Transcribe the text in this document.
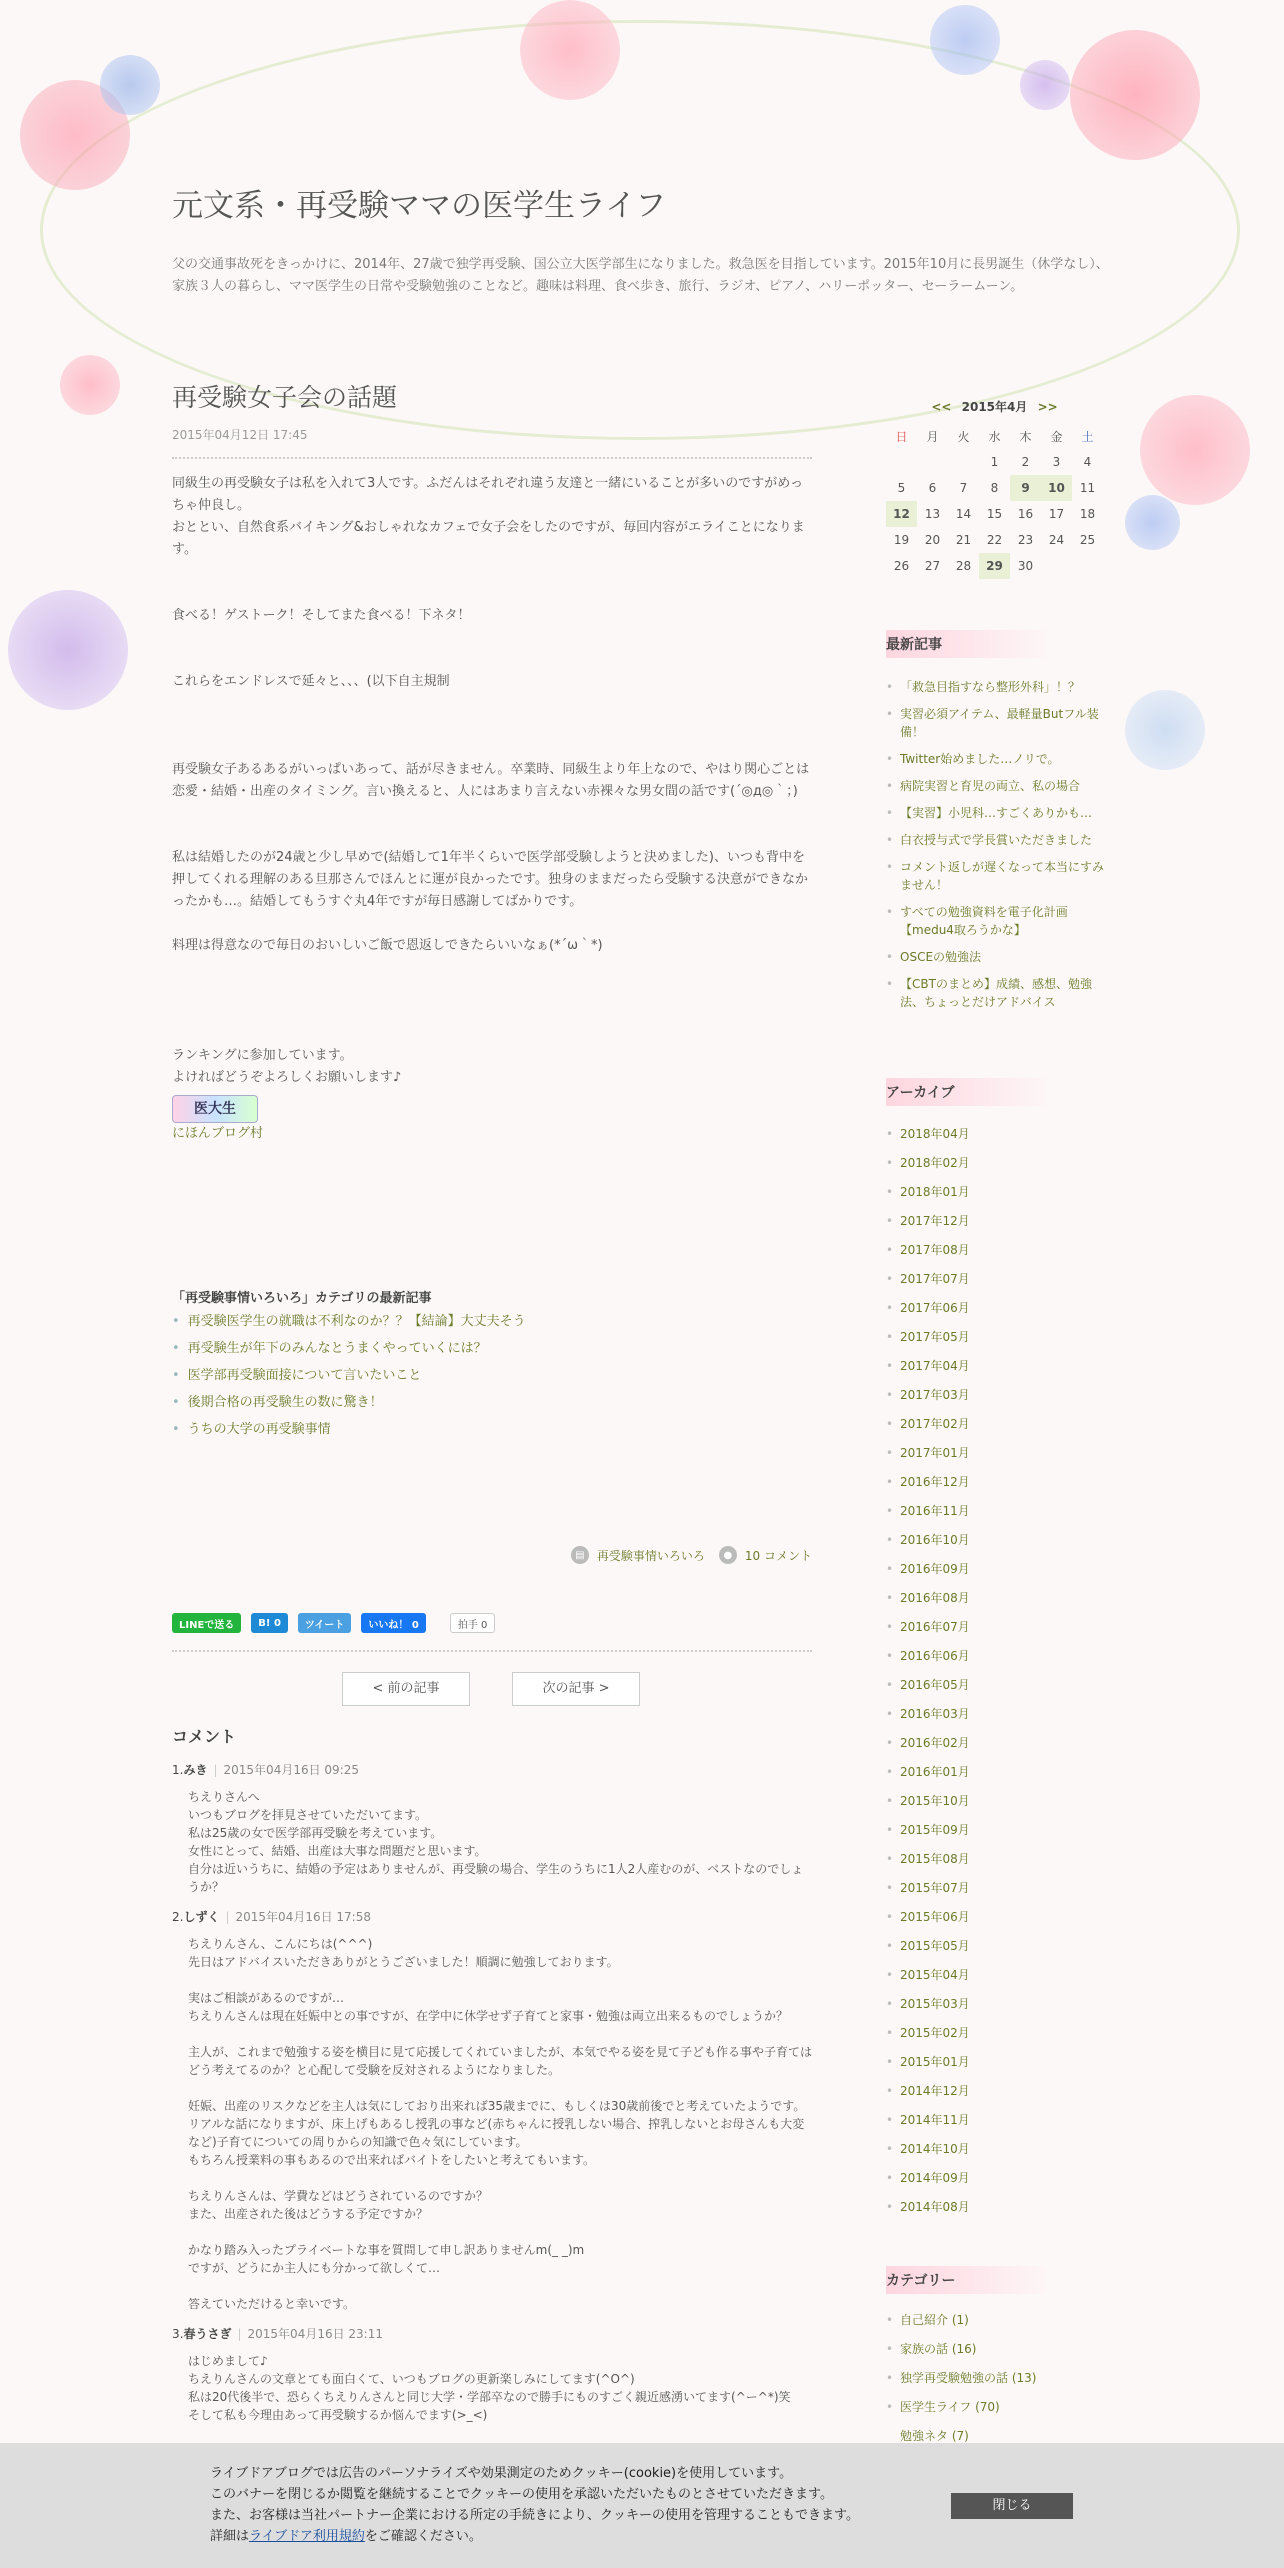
元文系・再受験ママの医学生ライフ

父の交通事故死をきっかけに、2014年、27歳で独学再受験、国公立大医学部生になりました。救急医を目指しています。2015年10月に長男誕生（休学なし）、家族３人の暮らし、ママ医学生の日常や受験勉強のことなど。趣味は料理、食べ歩き、旅行、ラジオ、ピアノ、ハリーポッター、セーラームーン。

再受験女子会の話題
2015年04月12日 17:45

同級生の再受験女子は私を入れて3人です。ふだんはそれぞれ違う友達と一緒にいることが多いのですがめっちゃ仲良し。

おととい、自然食系バイキング&おしゃれなカフェで女子会をしたのですが、毎回内容がエライことになります。

食べる！ゲストーク！そしてまた食べる！下ネタ！

これらをエンドレスで延々と、、、(以下自主規制

再受験女子あるあるがいっぱいあって、話が尽きません。卒業時、同級生より年上なので、やはり関心ごとは恋愛・結婚・出産のタイミング。言い換えると、人にはあまり言えない赤裸々な男女間の話です(´◎д◎｀；)

私は結婚したのが24歳と少し早めで(結婚して1年半くらいで医学部受験しようと決めました)、いつも背中を押してくれる理解のある旦那さんでほんとに運が良かったです。独身のままだったら受験する決意ができなかったかも…。結婚してもうすぐ丸4年ですが毎日感謝してばかりです。

料理は得意なので毎日のおいしいご飯で恩返しできたらいいなぁ(*´ω｀*)

ランキングに参加しています。

よければどうぞよろしくお願いします♪

医大生
にほんブログ村
「再受験事情いろいろ」カテゴリの最新記事
• 再受験医学生の就職は不利なのか？？【結論】大丈夫そう
• 再受験生が年下のみんなとうまくやっていくには？
• 医学部再受験面接について言いたいこと
• 後期合格の再受験生の数に驚き！
• うちの大学の再受験事情
▤	再受験事情いろいろ	●	10 コメント
LINEで送る	B! 0	ツイート	いいね！ 0	拍手 0
< 前の記事	次の記事 >
コメント
1.みき | 2015年04月16日 09:25
ちえりさんへ
いつもブログを拝見させていただいてます。
私は25歳の女で医学部再受験を考えています。
女性にとって、結婚、出産は大事な問題だと思います。
自分は近いうちに、結婚の予定はありませんが、再受験の場合、学生のうちに1人2人産むのが、ベストなのでしょうか？
2.しずく | 2015年04月16日 17:58
ちえりんさん、こんにちは(^^^)
先日はアドバイスいただきありがとうございました！順調に勉強しております。

実はご相談があるのですが…
ちえりんさんは現在妊娠中との事ですが、在学中に休学せず子育てと家事・勉強は両立出来るものでしょうか？

主人が、これまで勉強する姿を横目に見て応援してくれていましたが、本気でやる姿を見て子ども作る事や子育てはどう考えてるのか？と心配して受験を反対されるようになりました。

妊娠、出産のリスクなどを主人は気にしており出来れば35歳までに、もしくは30歳前後でと考えていたようです。
リアルな話になりますが、床上げもあるし授乳の事など(赤ちゃんに授乳しない場合、搾乳しないとお母さんも大変など)子育てについての周りからの知識で色々気にしています。
もちろん授業料の事もあるので出来ればバイトをしたいと考えてもいます。

ちえりんさんは、学費などはどうされているのですか？
また、出産された後はどうする予定ですか？

かなり踏み入ったプライベートな事を質問して申し訳ありませんm(_ _)m
ですが、どうにか主人にも分かって欲しくて…

答えていただけると幸いです。
3.春うさぎ | 2015年04月16日 23:11
はじめまして♪
ちえりんさんの文章とても面白くて、いつもブログの更新楽しみにしてます(^O^)
私は20代後半で、恐らくちえりんさんと同じ大学・学部卒なので勝手にものすごく親近感湧いてます(^ー^*)笑
そして私も今理由あって再受験するか悩んでます(>_<)
<< 2015年4月 >>
日	月	火	水	木	金	土
			1	2	3	4
5	6	7	8	9	10	11
12	13	14	15	16	17	18
19	20	21	22	23	24	25
26	27	28	29	30		
最新記事
• 「救急目指すなら整形外科」！？
• 実習必須アイテム、最軽量Butフル装備！
• Twitter始めました…ノリで。
• 病院実習と育児の両立、私の場合
• 【実習】小児科…すごくありかも…
• 白衣授与式で学長賞いただきました
• コメント返しが遅くなって本当にすみません！
• すべての勉強資料を電子化計画【medu4取ろうかな】
• OSCEの勉強法
• 【CBTのまとめ】成績、感想、勉強法、ちょっとだけアドバイス
アーカイブ
• 2018年04月
• 2018年02月
• 2018年01月
• 2017年12月
• 2017年08月
• 2017年07月
• 2017年06月
• 2017年05月
• 2017年04月
• 2017年03月
• 2017年02月
• 2017年01月
• 2016年12月
• 2016年11月
• 2016年10月
• 2016年09月
• 2016年08月
• 2016年07月
• 2016年06月
• 2016年05月
• 2016年03月
• 2016年02月
• 2016年01月
• 2015年10月
• 2015年09月
• 2015年08月
• 2015年07月
• 2015年06月
• 2015年05月
• 2015年04月
• 2015年03月
• 2015年02月
• 2015年01月
• 2014年12月
• 2014年11月
• 2014年10月
• 2014年09月
• 2014年08月
カテゴリー
• 自己紹介 (1)
• 家族の話 (16)
• 独学再受験勉強の話 (13)
• 医学生ライフ (70)
勉強ネタ (7)
ライブドアブログでは広告のパーソナライズや効果測定のためクッキー(cookie)を使用しています。
このバナーを閉じるか閲覧を継続することでクッキーの使用を承認いただいたものとさせていただきます。
また、お客様は当社パートナー企業における所定の手続きにより、クッキーの使用を管理することもできます。
詳細はライブドア利用規約をご確認ください。
閉じる
